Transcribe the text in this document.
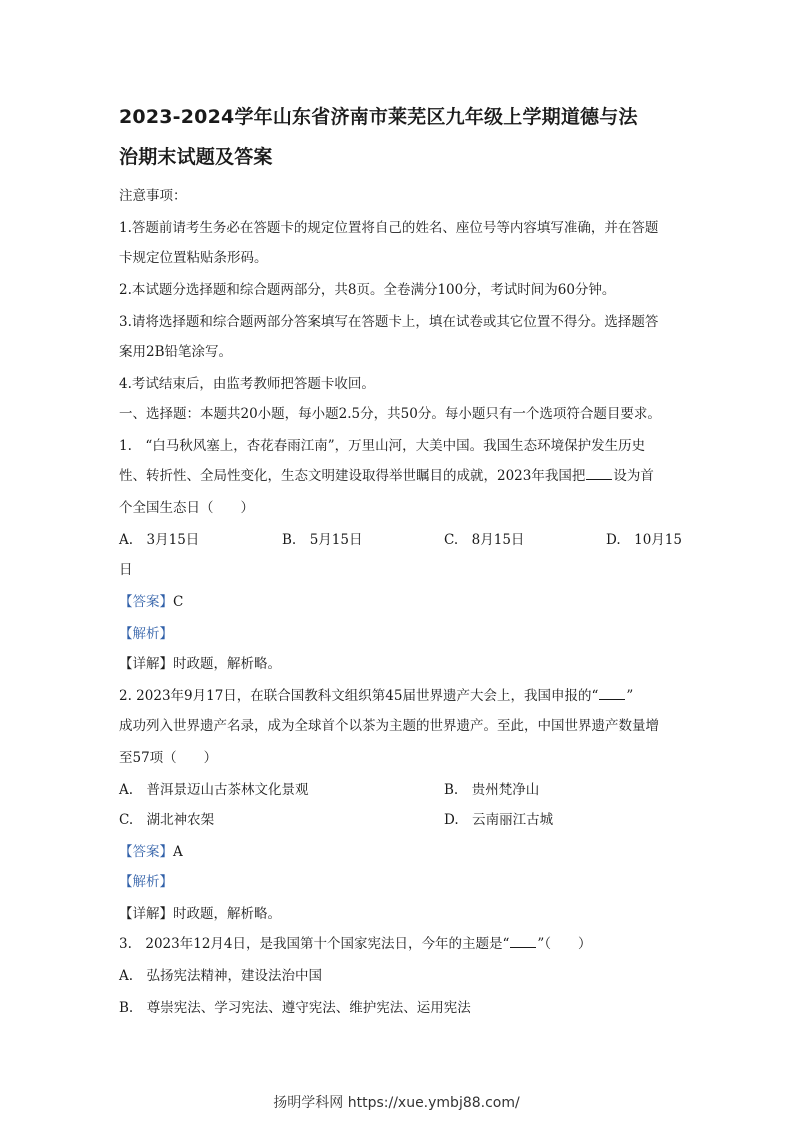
2023-2024学年山东省济南市莱芜区九年级上学期道德与法
治期末试题及答案
注意事项：
1.答题前请考生务必在答题卡的规定位置将自己的姓名、座位号等内容填写准确，并在答题
卡规定位置粘贴条形码。
2.本试题分选择题和综合题两部分，共8页。全卷满分100分，考试时间为60分钟。
3.请将选择题和综合题两部分答案填写在答题卡上，填在试卷或其它位置不得分。选择题答
案用2B铅笔涂写。
4.考试结束后，由监考教师把答题卡收回。
一、选择题：本题共20小题，每小题2.5分，共50分。每小题只有一个选项符合题目要求。
1.　“白马秋风塞上，杏花春雨江南”，万里山河，大美中国。我国生态环境保护发生历史
性、转折性、全局性变化，生态文明建设取得举世瞩目的成就，2023年我国把 设为首
个全国生态日（　　）
A.　3月15日	B.　5月15日	C.　8月15日	D.　10月15
日
【答案】C
【解析】
【详解】时政题，解析略。
2. 2023年9月17日，在联合国教科文组织第45届世界遗产大会上，我国申报的“ ”
成功列入世界遗产名录，成为全球首个以茶为主题的世界遗产。至此，中国世界遗产数量增
至57项（　　）
A.　普洱景迈山古茶林文化景观	B.　贵州梵净山
C.　湖北神农架	D.　云南丽江古城
【答案】A
【解析】
【详解】时政题，解析略。
3.　2023年12月4日，是我国第十个国家宪法日，今年的主题是“ ”（　　）
A.　弘扬宪法精神，建设法治中国
B.　尊崇宪法、学习宪法、遵守宪法、维护宪法、运用宪法
扬明学科网 https://xue.ymbj88.com/
